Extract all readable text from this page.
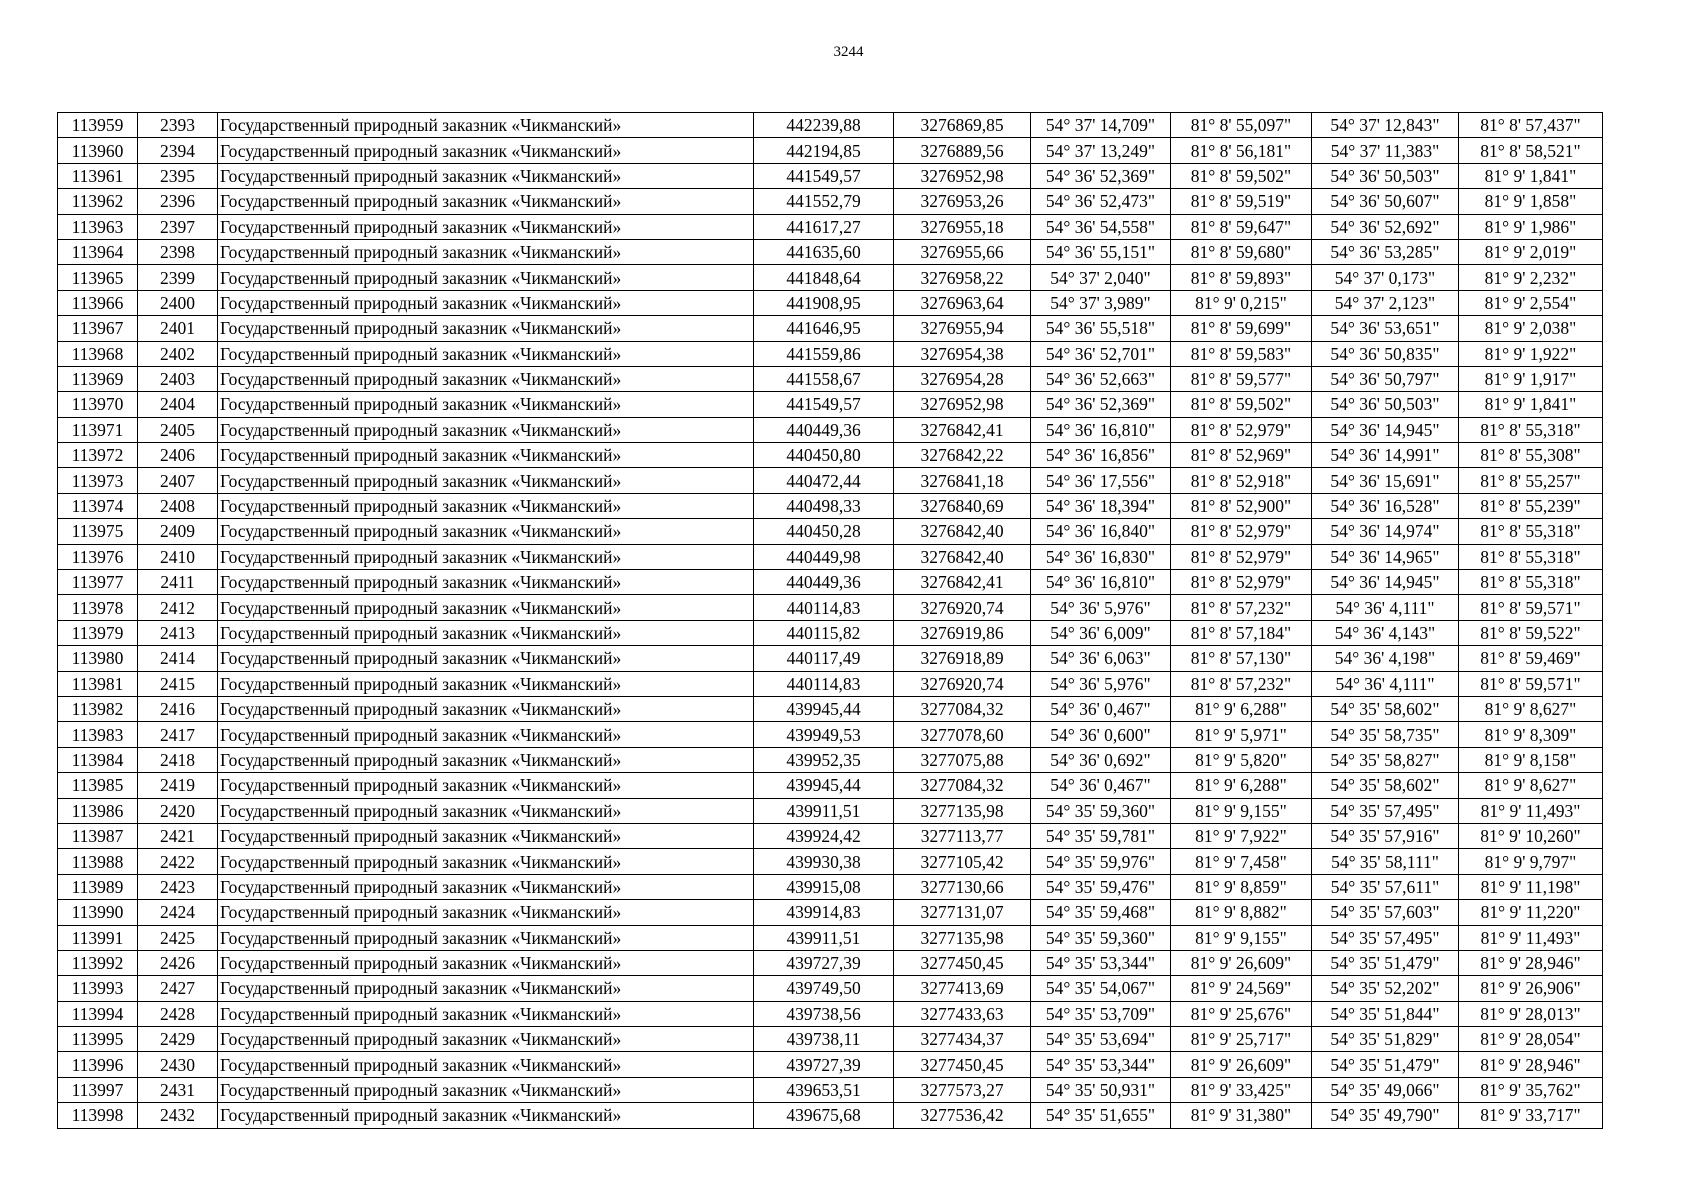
3244
113959	2393	Государственный природный заказник «Чикманский»	442239,88	3276869,85	54° 37' 14,709"	81° 8' 55,097"	54° 37' 12,843"	81° 8' 57,437"
113960	2394	Государственный природный заказник «Чикманский»	442194,85	3276889,56	54° 37' 13,249"	81° 8' 56,181"	54° 37' 11,383"	81° 8' 58,521"
113961	2395	Государственный природный заказник «Чикманский»	441549,57	3276952,98	54° 36' 52,369"	81° 8' 59,502"	54° 36' 50,503"	81° 9' 1,841"
113962	2396	Государственный природный заказник «Чикманский»	441552,79	3276953,26	54° 36' 52,473"	81° 8' 59,519"	54° 36' 50,607"	81° 9' 1,858"
113963	2397	Государственный природный заказник «Чикманский»	441617,27	3276955,18	54° 36' 54,558"	81° 8' 59,647"	54° 36' 52,692"	81° 9' 1,986"
113964	2398	Государственный природный заказник «Чикманский»	441635,60	3276955,66	54° 36' 55,151"	81° 8' 59,680"	54° 36' 53,285"	81° 9' 2,019"
113965	2399	Государственный природный заказник «Чикманский»	441848,64	3276958,22	54° 37' 2,040"	81° 8' 59,893"	54° 37' 0,173"	81° 9' 2,232"
113966	2400	Государственный природный заказник «Чикманский»	441908,95	3276963,64	54° 37' 3,989"	81° 9' 0,215"	54° 37' 2,123"	81° 9' 2,554"
113967	2401	Государственный природный заказник «Чикманский»	441646,95	3276955,94	54° 36' 55,518"	81° 8' 59,699"	54° 36' 53,651"	81° 9' 2,038"
113968	2402	Государственный природный заказник «Чикманский»	441559,86	3276954,38	54° 36' 52,701"	81° 8' 59,583"	54° 36' 50,835"	81° 9' 1,922"
113969	2403	Государственный природный заказник «Чикманский»	441558,67	3276954,28	54° 36' 52,663"	81° 8' 59,577"	54° 36' 50,797"	81° 9' 1,917"
113970	2404	Государственный природный заказник «Чикманский»	441549,57	3276952,98	54° 36' 52,369"	81° 8' 59,502"	54° 36' 50,503"	81° 9' 1,841"
113971	2405	Государственный природный заказник «Чикманский»	440449,36	3276842,41	54° 36' 16,810"	81° 8' 52,979"	54° 36' 14,945"	81° 8' 55,318"
113972	2406	Государственный природный заказник «Чикманский»	440450,80	3276842,22	54° 36' 16,856"	81° 8' 52,969"	54° 36' 14,991"	81° 8' 55,308"
113973	2407	Государственный природный заказник «Чикманский»	440472,44	3276841,18	54° 36' 17,556"	81° 8' 52,918"	54° 36' 15,691"	81° 8' 55,257"
113974	2408	Государственный природный заказник «Чикманский»	440498,33	3276840,69	54° 36' 18,394"	81° 8' 52,900"	54° 36' 16,528"	81° 8' 55,239"
113975	2409	Государственный природный заказник «Чикманский»	440450,28	3276842,40	54° 36' 16,840"	81° 8' 52,979"	54° 36' 14,974"	81° 8' 55,318"
113976	2410	Государственный природный заказник «Чикманский»	440449,98	3276842,40	54° 36' 16,830"	81° 8' 52,979"	54° 36' 14,965"	81° 8' 55,318"
113977	2411	Государственный природный заказник «Чикманский»	440449,36	3276842,41	54° 36' 16,810"	81° 8' 52,979"	54° 36' 14,945"	81° 8' 55,318"
113978	2412	Государственный природный заказник «Чикманский»	440114,83	3276920,74	54° 36' 5,976"	81° 8' 57,232"	54° 36' 4,111"	81° 8' 59,571"
113979	2413	Государственный природный заказник «Чикманский»	440115,82	3276919,86	54° 36' 6,009"	81° 8' 57,184"	54° 36' 4,143"	81° 8' 59,522"
113980	2414	Государственный природный заказник «Чикманский»	440117,49	3276918,89	54° 36' 6,063"	81° 8' 57,130"	54° 36' 4,198"	81° 8' 59,469"
113981	2415	Государственный природный заказник «Чикманский»	440114,83	3276920,74	54° 36' 5,976"	81° 8' 57,232"	54° 36' 4,111"	81° 8' 59,571"
113982	2416	Государственный природный заказник «Чикманский»	439945,44	3277084,32	54° 36' 0,467"	81° 9' 6,288"	54° 35' 58,602"	81° 9' 8,627"
113983	2417	Государственный природный заказник «Чикманский»	439949,53	3277078,60	54° 36' 0,600"	81° 9' 5,971"	54° 35' 58,735"	81° 9' 8,309"
113984	2418	Государственный природный заказник «Чикманский»	439952,35	3277075,88	54° 36' 0,692"	81° 9' 5,820"	54° 35' 58,827"	81° 9' 8,158"
113985	2419	Государственный природный заказник «Чикманский»	439945,44	3277084,32	54° 36' 0,467"	81° 9' 6,288"	54° 35' 58,602"	81° 9' 8,627"
113986	2420	Государственный природный заказник «Чикманский»	439911,51	3277135,98	54° 35' 59,360"	81° 9' 9,155"	54° 35' 57,495"	81° 9' 11,493"
113987	2421	Государственный природный заказник «Чикманский»	439924,42	3277113,77	54° 35' 59,781"	81° 9' 7,922"	54° 35' 57,916"	81° 9' 10,260"
113988	2422	Государственный природный заказник «Чикманский»	439930,38	3277105,42	54° 35' 59,976"	81° 9' 7,458"	54° 35' 58,111"	81° 9' 9,797"
113989	2423	Государственный природный заказник «Чикманский»	439915,08	3277130,66	54° 35' 59,476"	81° 9' 8,859"	54° 35' 57,611"	81° 9' 11,198"
113990	2424	Государственный природный заказник «Чикманский»	439914,83	3277131,07	54° 35' 59,468"	81° 9' 8,882"	54° 35' 57,603"	81° 9' 11,220"
113991	2425	Государственный природный заказник «Чикманский»	439911,51	3277135,98	54° 35' 59,360"	81° 9' 9,155"	54° 35' 57,495"	81° 9' 11,493"
113992	2426	Государственный природный заказник «Чикманский»	439727,39	3277450,45	54° 35' 53,344"	81° 9' 26,609"	54° 35' 51,479"	81° 9' 28,946"
113993	2427	Государственный природный заказник «Чикманский»	439749,50	3277413,69	54° 35' 54,067"	81° 9' 24,569"	54° 35' 52,202"	81° 9' 26,906"
113994	2428	Государственный природный заказник «Чикманский»	439738,56	3277433,63	54° 35' 53,709"	81° 9' 25,676"	54° 35' 51,844"	81° 9' 28,013"
113995	2429	Государственный природный заказник «Чикманский»	439738,11	3277434,37	54° 35' 53,694"	81° 9' 25,717"	54° 35' 51,829"	81° 9' 28,054"
113996	2430	Государственный природный заказник «Чикманский»	439727,39	3277450,45	54° 35' 53,344"	81° 9' 26,609"	54° 35' 51,479"	81° 9' 28,946"
113997	2431	Государственный природный заказник «Чикманский»	439653,51	3277573,27	54° 35' 50,931"	81° 9' 33,425"	54° 35' 49,066"	81° 9' 35,762"
113998	2432	Государственный природный заказник «Чикманский»	439675,68	3277536,42	54° 35' 51,655"	81° 9' 31,380"	54° 35' 49,790"	81° 9' 33,717"
